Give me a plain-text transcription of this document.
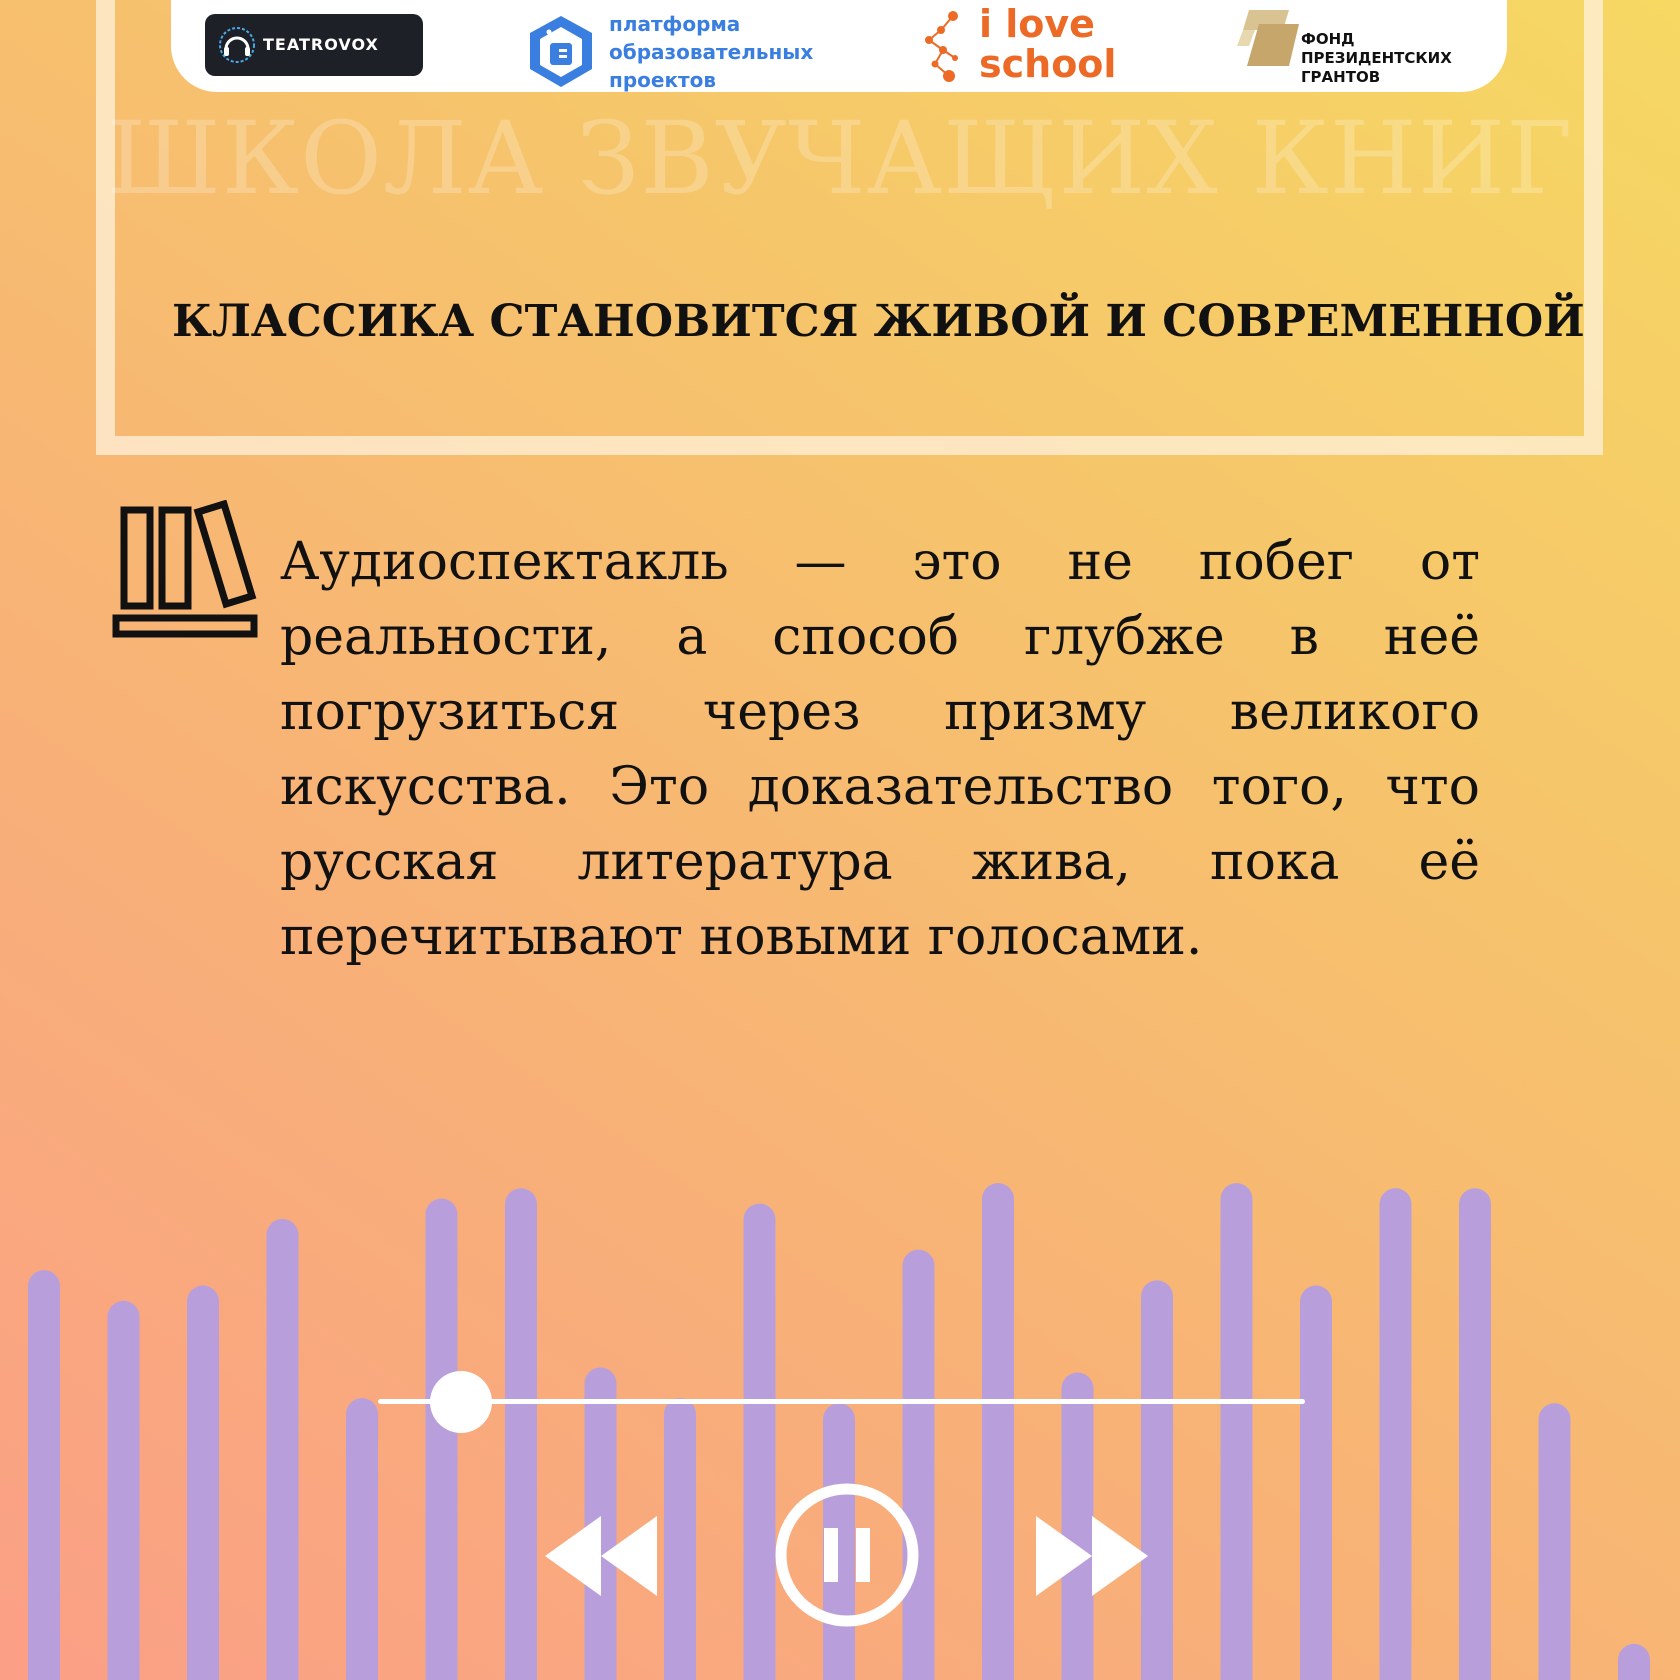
TEATROVOX
платформа
образовательных
проектов
i love
school
ФОНД
ПРЕЗИДЕНТСКИХ
ГРАНТОВ
ШКОЛА ЗВУЧАЩИХ КНИГ
КЛАССИКА СТАНОВИТСЯ ЖИВОЙ И СОВРЕМЕННОЙ
Аудиоспектакль — это не побег от реальности, а способ глубже в неё погрузиться через призму великого искусства. Это доказательство того, что русская литература жива, пока её перечитывают новыми голосами.
